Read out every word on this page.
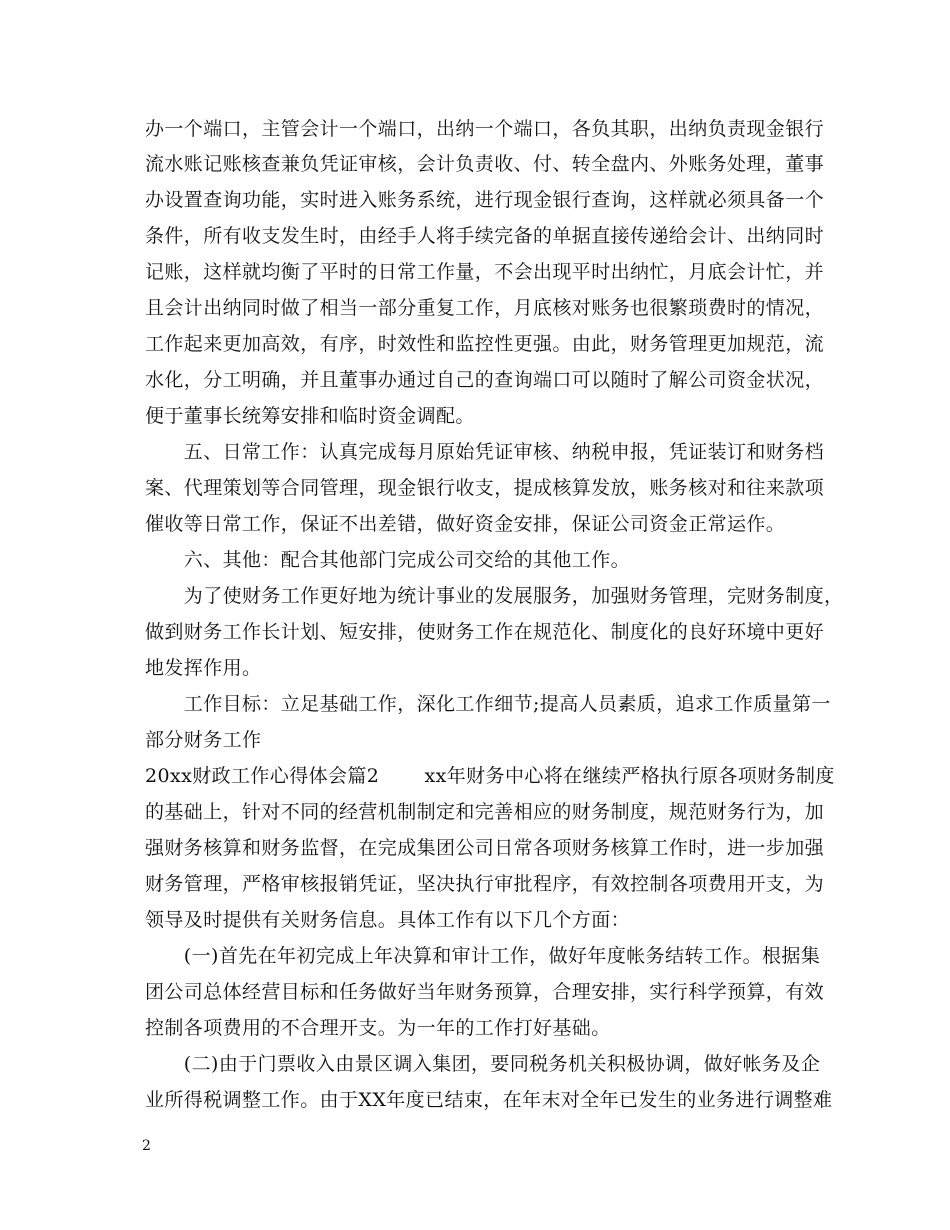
办一个端口，主管会计一个端口，出纳一个端口，各负其职，出纳负责现金银行
流水账记账核查兼负凭证审核，会计负责收、付、转全盘内、外账务处理，董事
办设置查询功能，实时进入账务系统，进行现金银行查询，这样就必须具备一个
条件，所有收支发生时，由经手人将手续完备的单据直接传递给会计、出纳同时
记账，这样就均衡了平时的日常工作量，不会出现平时出纳忙，月底会计忙，并
且会计出纳同时做了相当一部分重复工作，月底核对账务也很繁琐费时的情况，
工作起来更加高效，有序，时效性和监控性更强。由此，财务管理更加规范，流
水化，分工明确，并且董事办通过自己的查询端口可以随时了解公司资金状况，
便于董事长统筹安排和临时资金调配。
　　五、日常工作：认真完成每月原始凭证审核、纳税申报，凭证装订和财务档
案、代理策划等合同管理，现金银行收支，提成核算发放，账务核对和往来款项
催收等日常工作，保证不出差错，做好资金安排，保证公司资金正常运作。
　　六、其他：配合其他部门完成公司交给的其他工作。
　　为了使财务工作更好地为统计事业的发展服务，加强财务管理，完财务制度，
做到财务工作长计划、短安排，使财务工作在规范化、制度化的良好环境中更好
地发挥作用。
　　工作目标：立足基础工作，深化工作细节;提高人员素质，追求工作质量第一
部分财务工作
20xx财政工作心得体会篇2　　 xx年财务中心将在继续严格执行原各项财务制度
的基础上，针对不同的经营机制制定和完善相应的财务制度，规范财务行为，加
强财务核算和财务监督，在完成集团公司日常各项财务核算工作时，进一步加强
财务管理，严格审核报销凭证，坚决执行审批程序，有效控制各项费用开支，为
领导及时提供有关财务信息。具体工作有以下几个方面：
　　(一)首先在年初完成上年决算和审计工作，做好年度帐务结转工作。根据集
团公司总体经营目标和任务做好当年财务预算，合理安排，实行科学预算，有效
控制各项费用的不合理开支。为一年的工作打好基础。
　　(二)由于门票收入由景区调入集团，要同税务机关积极协调，做好帐务及企
业所得税调整工作。由于XX年度已结束，在年末对全年已发生的业务进行调整难
2
